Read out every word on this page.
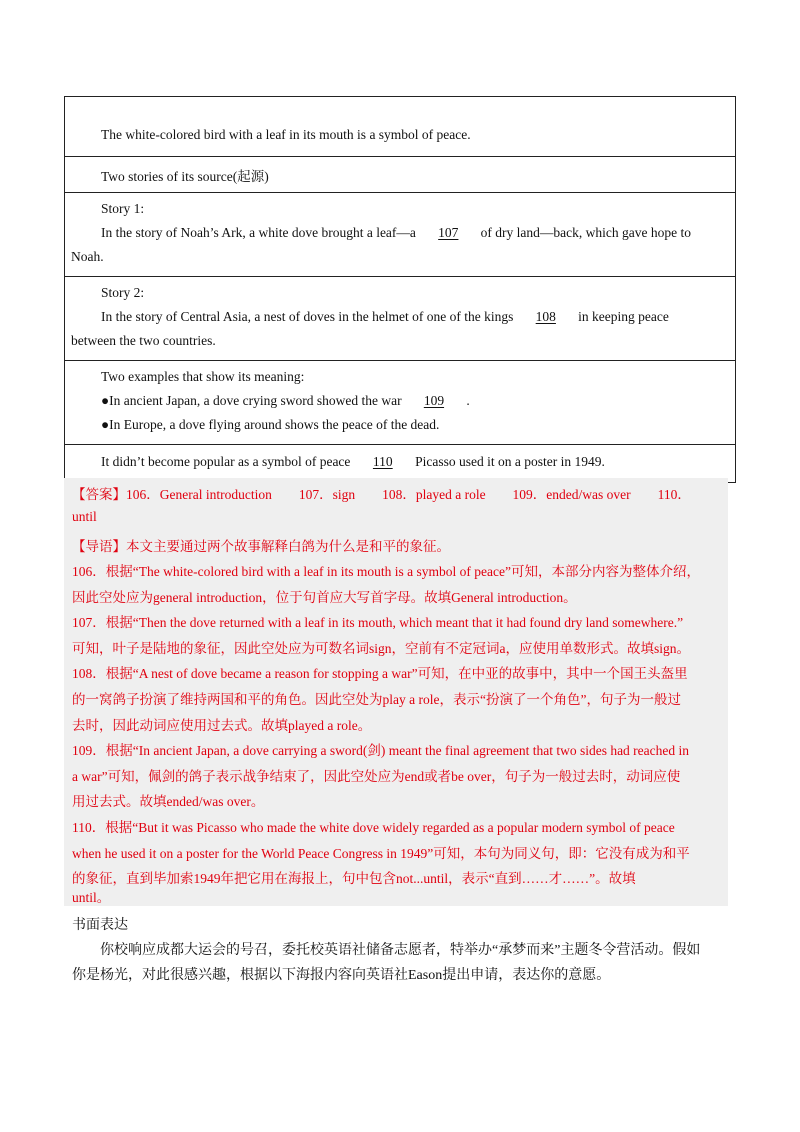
The white-colored bird with a leaf in its mouth is a symbol of peace.
Two stories of its source(起源)
Story 1:
In the story of Noah’s Ark, a white dove brought a leaf—a 107 of dry land—back, which gave hope to
Noah.
Story 2:
In the story of Central Asia, a nest of doves in the helmet of one of the kings 108 in keeping peace
between the two countries.
Two examples that show its meaning:
●In ancient Japan, a dove crying sword showed the war 109 .
●In Europe, a dove flying around shows the peace of the dead.
It didn’t become popular as a symbol of peace 110 Picasso used it on a poster in 1949.
【答案】106．General introduction　　107．sign　　108．played a role　　109．ended/was over　　110．
until
【导语】本文主要通过两个故事解释白鸽为什么是和平的象征。
106．根据“The white-colored bird with a leaf in its mouth is a symbol of peace”可知，本部分内容为整体介绍，
因此空处应为general introduction，位于句首应大写首字母。故填General introduction。
107．根据“Then the dove returned with a leaf in its mouth, which meant that it had found dry land somewhere.”
可知，叶子是陆地的象征，因此空处应为可数名词sign，空前有不定冠词a，应使用单数形式。故填sign。
108．根据“A nest of dove became a reason for stopping a war”可知，在中亚的故事中，其中一个国王头盔里
的一窝鸽子扮演了维持两国和平的角色。因此空处为play a role，表示“扮演了一个角色”，句子为一般过
去时，因此动词应使用过去式。故填played a role。
109．根据“In ancient Japan, a dove carrying a sword(剑) meant the final agreement that two sides had reached in
a war”可知，佩剑的鸽子表示战争结束了，因此空处应为end或者be over，句子为一般过去时，动词应使
用过去式。故填ended/was over。
110．根据“But it was Picasso who made the white dove widely regarded as a popular modern symbol of peace
when he used it on a poster for the World Peace Congress in 1949”可知，本句为同义句，即：它没有成为和平
的象征，直到毕加索1949年把它用在海报上，句中包含not...until，表示“直到……才……”。故填
until。
书面表达
你校响应成都大运会的号召，委托校英语社储备志愿者，特举办“承梦而来”主题冬令营活动。假如
你是杨光，对此很感兴趣，根据以下海报内容向英语社Eason提出申请，表达你的意愿。
